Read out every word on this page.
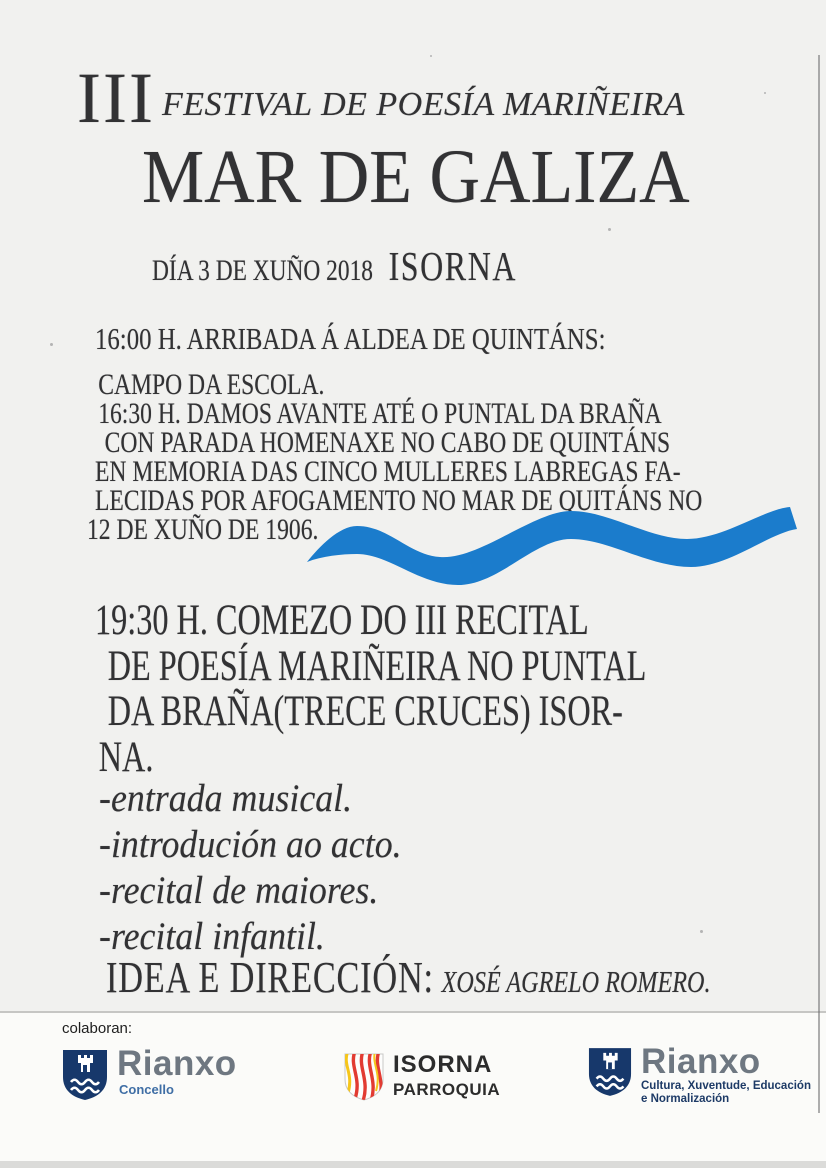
III FESTIVAL DE POESÍA MARIÑEIRA
MAR DE GALIZA
DÍA 3 DE XUÑO 2018 ISORNA
16:00 H. ARRIBADA Á ALDEA DE QUINTÁNS:
CAMPO DA ESCOLA.
16:30 H. DAMOS AVANTE ATÉ O PUNTAL DA BRAÑA
CON PARADA HOMENAXE NO CABO DE QUINTÁNS
EN MEMORIA DAS CINCO MULLERES LABREGAS FA-
LECIDAS POR AFOGAMENTO NO MAR DE QUITÁNS NO
12 DE XUÑO DE 1906.
19:30 H. COMEZO DO III RECITAL
DE POESÍA MARIÑEIRA NO PUNTAL
DA BRAÑA(TRECE CRUCES) ISOR-
NA.
-entrada musical.
-introdución ao acto.
-recital de maiores.
-recital infantil.
IDEA E DIRECCIÓN: XOSÉ AGRELO ROMERO.
colaboran:
Rianxo
Concello
ISORNA
PARROQUIA
Rianxo
Cultura, Xuventude, Educación
e Normalización
